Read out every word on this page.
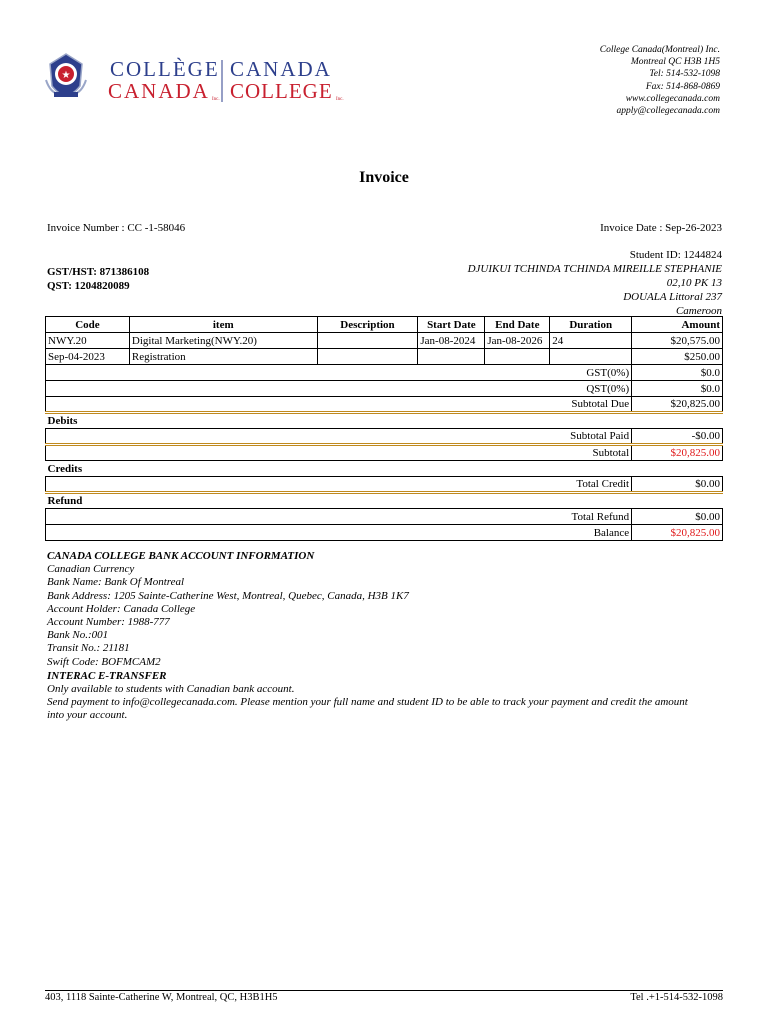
★ COLLÈGE
CANADA Inc.
CANADA
COLLEGE Inc.
College Canada(Montreal) Inc.
Montreal QC H3B 1H5
Tel: 514-532-1098
Fax: 514-868-0869
www.collegecanada.com
apply@collegecanada.com
Invoice
Invoice Number : CC -1-58046	Invoice Date : Sep-26-2023
GST/HST: 871386108
QST: 1204820089
Student ID: 1244824
DJUIKUI TCHINDA TCHINDA MIREILLE STEPHANIE
02,10 PK 13
DOUALA Littoral 237
Cameroon
Code	item	Description	Start Date	End Date	Duration	Amount
NWY.20	Digital Marketing(NWY.20)		Jan-08-2024	Jan-08-2026	24	$20,575.00
Sep-04-2023	Registration					$250.00
GST(0%)						$0.0
QST(0%)						$0.0
Subtotal Due						$20,825.00
Debits						
Subtotal Paid						-$0.00
Subtotal						$20,825.00
Credits						
Total Credit						$0.00
Refund						
Total Refund						$0.00
Balance						$20,825.00
CANADA COLLEGE BANK ACCOUNT INFORMATION
Canadian Currency
Bank Name: Bank Of Montreal
Bank Address: 1205 Sainte-Catherine West, Montreal, Quebec, Canada, H3B 1K7
Account Holder: Canada College
Account Number: 1988-777
Bank No.:001
Transit No.: 21181
Swift Code: BOFMCAM2
INTERAC E-TRANSFER
Only available to students with Canadian bank account.
Send payment to info@collegecanada.com. Please mention your full name and student ID to be able to track your payment and credit the amount into your account.
403, 1118 Sainte-Catherine W, Montreal, QC, H3B1H5	Tel .+1-514-532-1098
